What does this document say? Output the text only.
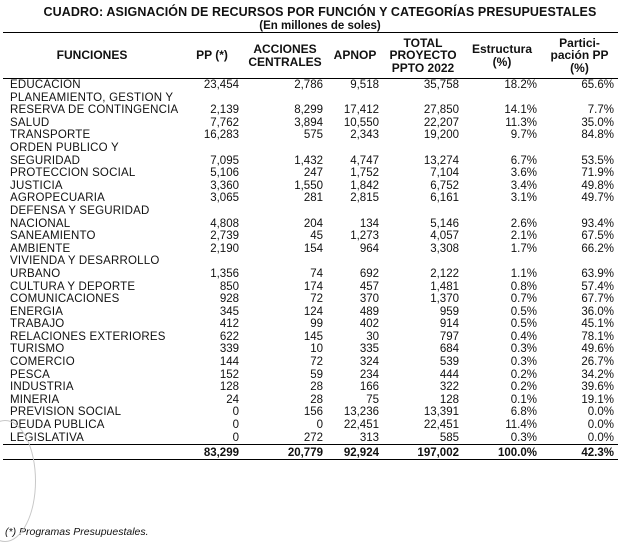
CUADRO: ASIGNACIÓN DE RECURSOS POR FUNCIÓN Y CATEGORÍAS PRESUPUESTALES
(En millones de soles)
FUNCIONES	PP (*)	ACCIONES CENTRALES	APNOP	TOTAL PROYECTO PPTO 2022	Estructura (%)	Partici-pación PP (%)
EDUCACION	23,454	2,786	9,518	35,758	18.2%	65.6%
PLANEAMIENTO, GESTION Y RESERVA DE CONTINGENCIA	2,139	8,299	17,412	27,850	14.1%	7.7%
SALUD	7,762	3,894	10,550	22,207	11.3%	35.0%
TRANSPORTE	16,283	575	2,343	19,200	9.7%	84.8%
ORDEN PUBLICO Y SEGURIDAD	7,095	1,432	4,747	13,274	6.7%	53.5%
PROTECCION SOCIAL	5,106	247	1,752	7,104	3.6%	71.9%
JUSTICIA	3,360	1,550	1,842	6,752	3.4%	49.8%
AGROPECUARIA	3,065	281	2,815	6,161	3.1%	49.7%
DEFENSA Y SEGURIDAD NACIONAL	4,808	204	134	5,146	2.6%	93.4%
SANEAMIENTO	2,739	45	1,273	4,057	2.1%	67.5%
AMBIENTE	2,190	154	964	3,308	1.7%	66.2%
VIVIENDA Y DESARROLLO URBANO	1,356	74	692	2,122	1.1%	63.9%
CULTURA Y DEPORTE	850	174	457	1,481	0.8%	57.4%
COMUNICACIONES	928	72	370	1,370	0.7%	67.7%
ENERGIA	345	124	489	959	0.5%	36.0%
TRABAJO	412	99	402	914	0.5%	45.1%
RELACIONES EXTERIORES	622	145	30	797	0.4%	78.1%
TURISMO	339	10	335	684	0.3%	49.6%
COMERCIO	144	72	324	539	0.3%	26.7%
PESCA	152	59	234	444	0.2%	34.2%
INDUSTRIA	128	28	166	322	0.2%	39.6%
MINERIA	24	28	75	128	0.1%	19.1%
PREVISION SOCIAL	0	156	13,236	13,391	6.8%	0.0%
DEUDA PUBLICA	0	0	22,451	22,451	11.4%	0.0%
LEGISLATIVA	0	272	313	585	0.3%	0.0%
	83,299	20,779	92,924	197,002	100.0%	42.3%
(*) Programas Presupuestales.
